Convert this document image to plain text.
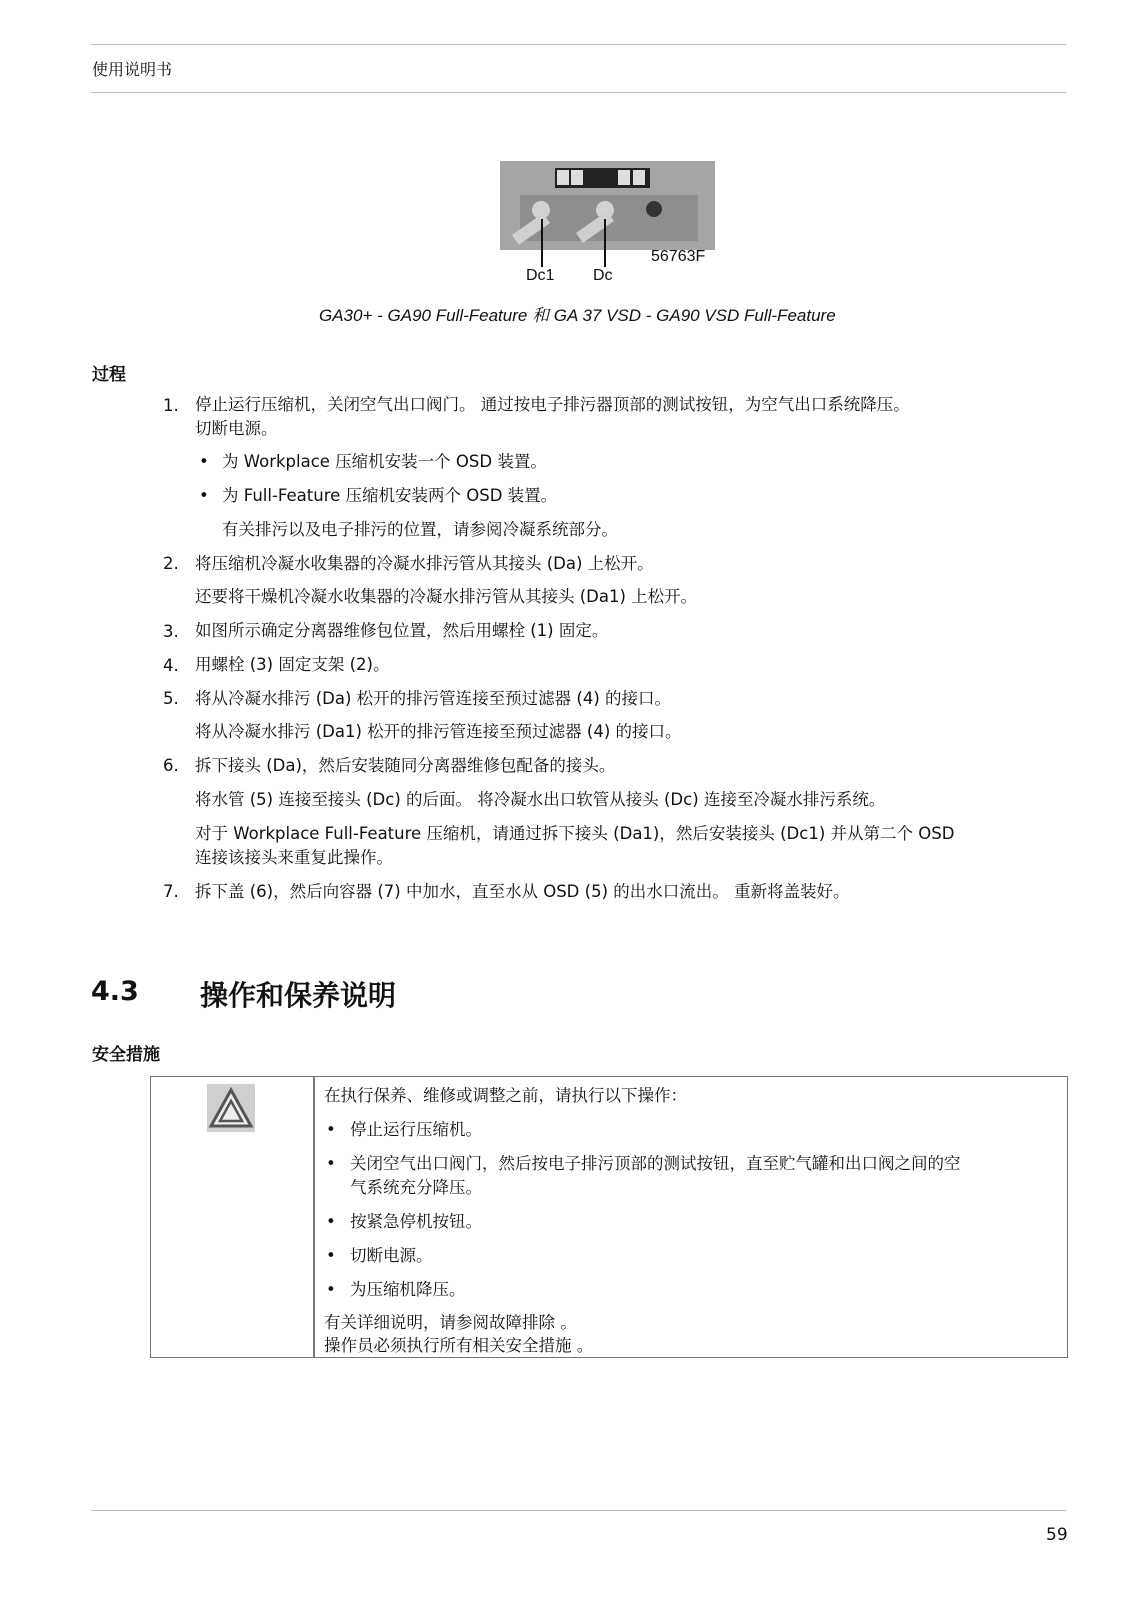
使用说明书
Dc1 Dc
56763F
GA30+ - GA90 Full-Feature 和 GA 37 VSD - GA90 VSD Full-Feature
过程
1. 停止运行压缩机，关闭空气出口阀门。 通过按电子排污器顶部的测试按钮，为空气出口系统降压。
切断电源。
• 为 Workplace 压缩机安装一个 OSD 装置。
• 为 Full-Feature 压缩机安装两个 OSD 装置。
有关排污以及电子排污的位置，请参阅冷凝系统部分。
2. 将压缩机冷凝水收集器的冷凝水排污管从其接头 (Da) 上松开。
还要将干燥机冷凝水收集器的冷凝水排污管从其接头 (Da1) 上松开。
3. 如图所示确定分离器维修包位置，然后用螺栓 (1) 固定。
4. 用螺栓 (3) 固定支架 (2)。
5. 将从冷凝水排污 (Da) 松开的排污管连接至预过滤器 (4) 的接口。
将从冷凝水排污 (Da1) 松开的排污管连接至预过滤器 (4) 的接口。
6. 拆下接头 (Da)，然后安装随同分离器维修包配备的接头。
将水管 (5) 连接至接头 (Dc) 的后面。 将冷凝水出口软管从接头 (Dc) 连接至冷凝水排污系统。
对于 Workplace Full-Feature 压缩机，请通过拆下接头 (Da1)，然后安装接头 (Dc1) 并从第二个 OSD
连接该接头来重复此操作。
7. 拆下盖 (6)，然后向容器 (7) 中加水，直至水从 OSD (5) 的出水口流出。 重新将盖装好。
4.3 操作和保养说明
安全措施
在执行保养、维修或调整之前，请执行以下操作：
• 停止运行压缩机。
• 关闭空气出口阀门，然后按电子排污顶部的测试按钮，直至贮气罐和出口阀之间的空
气系统充分降压。
• 按紧急停机按钮。
• 切断电源。
• 为压缩机降压。
有关详细说明，请参阅故障排除 。
操作员必须执行所有相关安全措施 。
59
